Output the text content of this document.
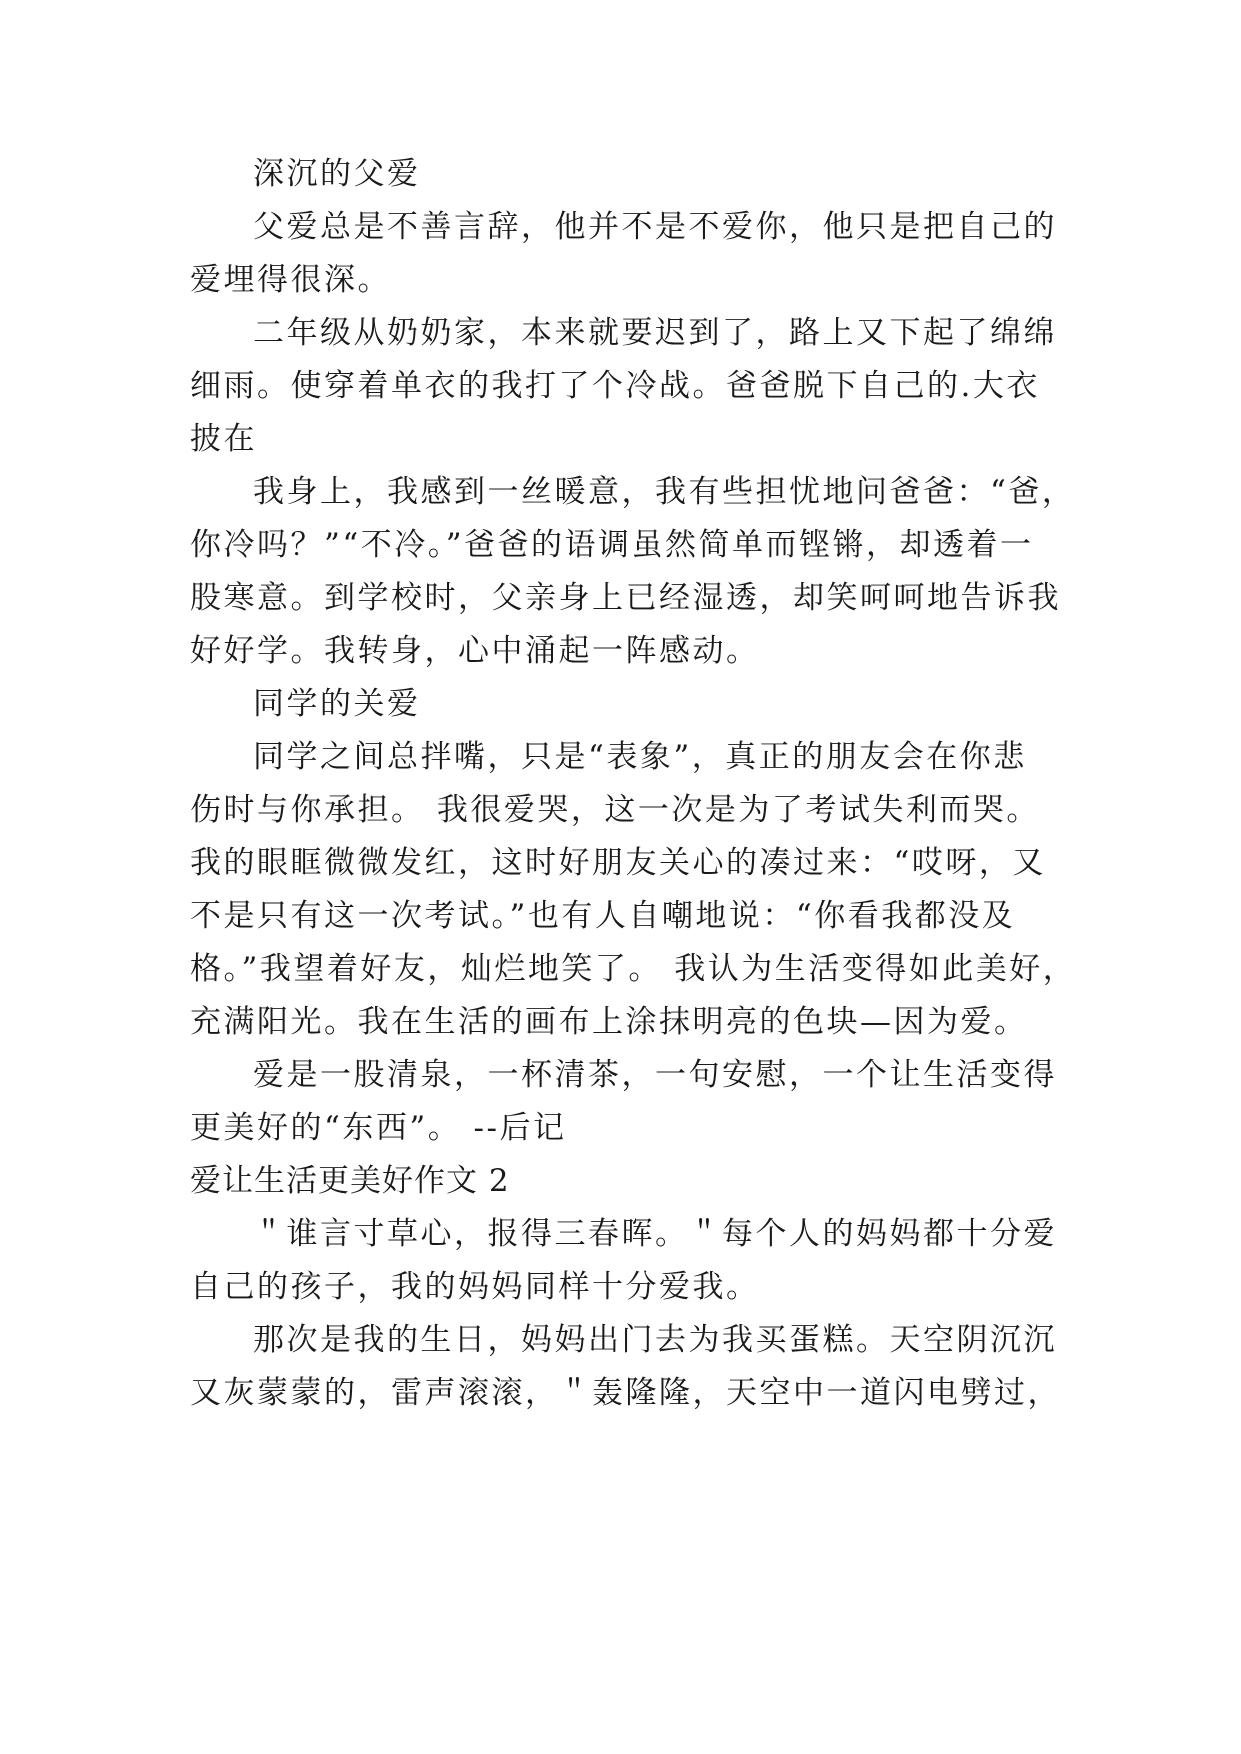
深沉的父爱
父爱总是不善言辞，他并不是不爱你，他只是把自己的
爱埋得很深。
二年级从奶奶家，本来就要迟到了，路上又下起了绵绵
细雨。使穿着单衣的我打了个冷战。爸爸脱下自己的.大衣
披在
我身上，我感到一丝暖意，我有些担忧地问爸爸：“爸，
你冷吗？”“不冷。”爸爸的语调虽然简单而铿锵，却透着一
股寒意。到学校时，父亲身上已经湿透，却笑呵呵地告诉我
好好学。我转身，心中涌起一阵感动。
同学的关爱
同学之间总拌嘴，只是“表象”，真正的朋友会在你悲
伤时与你承担。 我很爱哭，这一次是为了考试失利而哭。
我的眼眶微微发红，这时好朋友关心的凑过来：“哎呀，又
不是只有这一次考试。”也有人自嘲地说：“你看我都没及
格。”我望着好友，灿烂地笑了。 我认为生活变得如此美好，
充满阳光。我在生活的画布上涂抹明亮的色块—因为爱。
爱是一股清泉，一杯清茶，一句安慰，一个让生活变得
更美好的“东西”。 --后记
爱让生活更美好作文 2
＂谁言寸草心，报得三春晖。＂每个人的妈妈都十分爱
自己的孩子，我的妈妈同样十分爱我。
那次是我的生日，妈妈出门去为我买蛋糕。天空阴沉沉
又灰蒙蒙的，雷声滚滚，＂轰隆隆，天空中一道闪电劈过，
